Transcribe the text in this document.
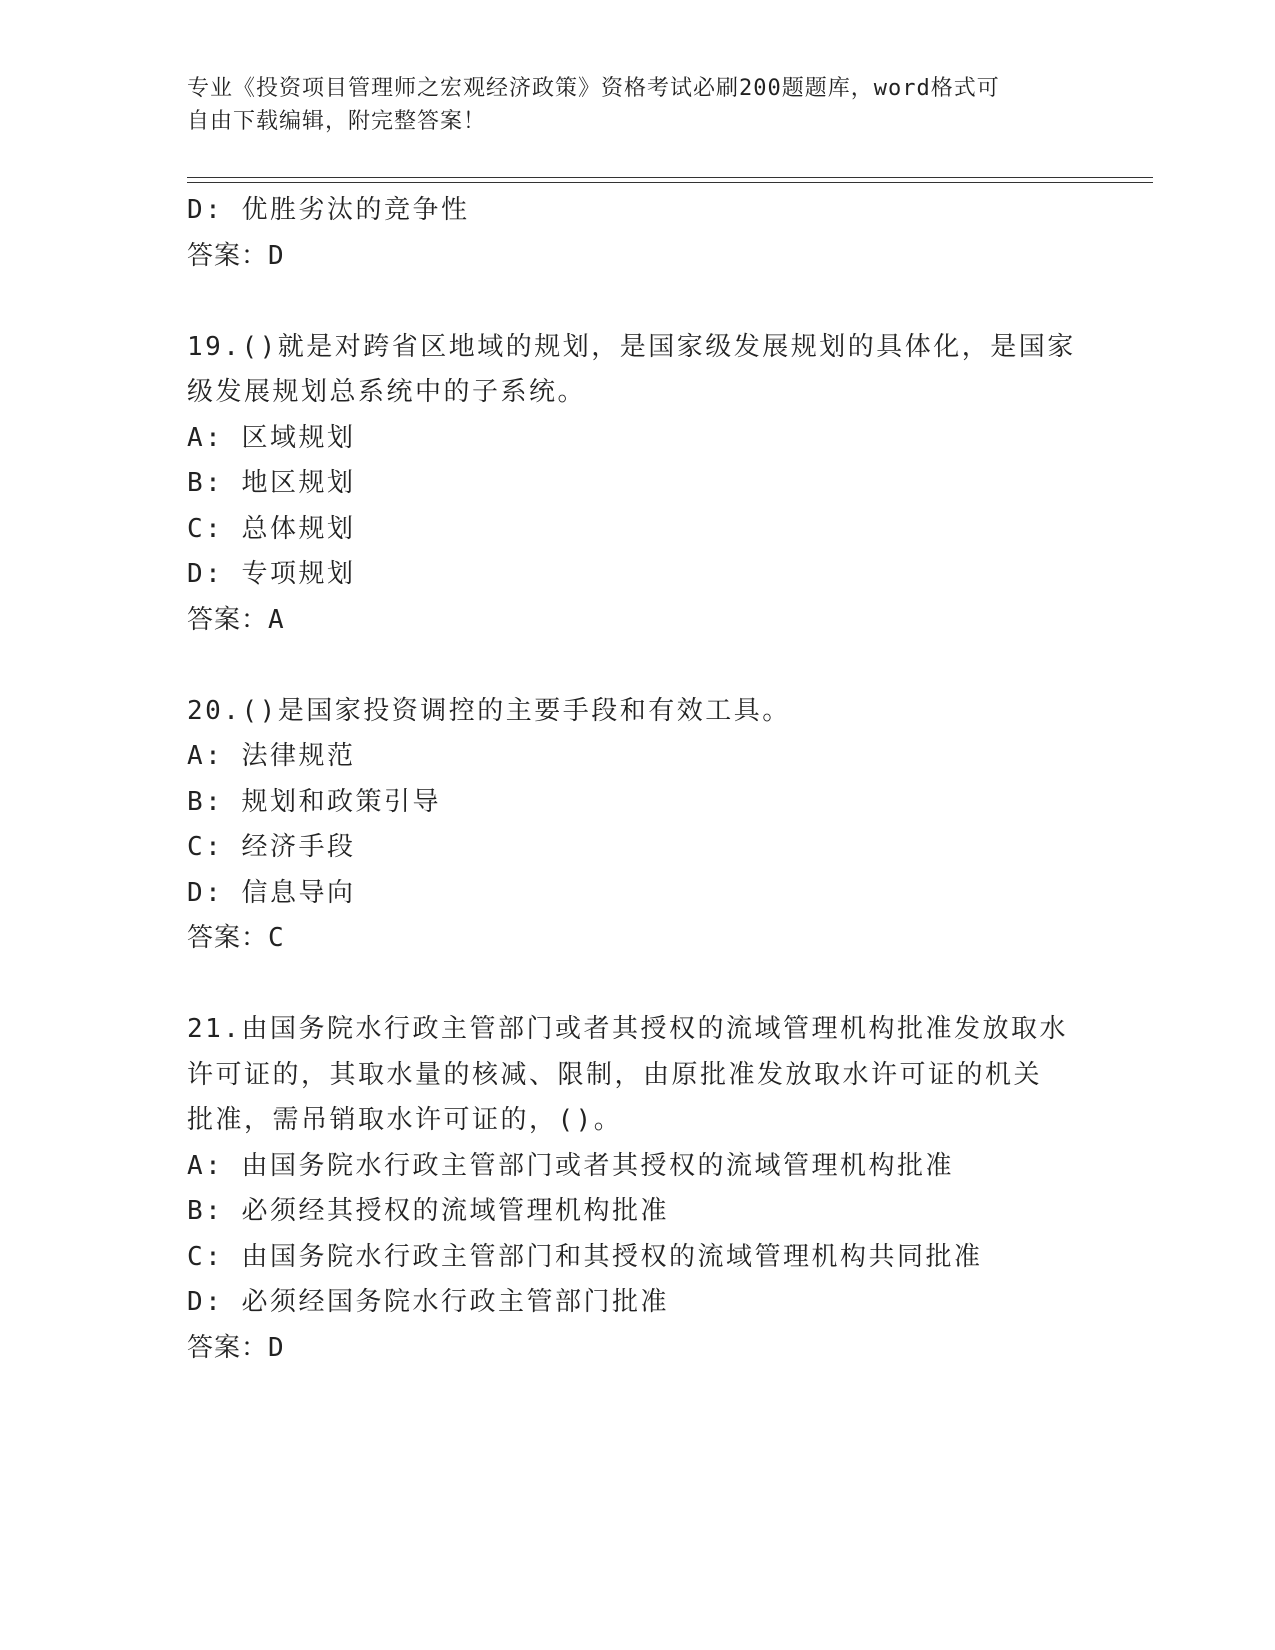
专业《投资项目管理师之宏观经济政策》资格考试必刷200题题库，word格式可
自由下载编辑，附完整答案！
D: 优胜劣汰的竞争性
答案：D
19.()就是对跨省区地域的规划，是国家级发展规划的具体化，是国家
级发展规划总系统中的子系统。
A: 区域规划
B: 地区规划
C: 总体规划
D: 专项规划
答案：A
20.()是国家投资调控的主要手段和有效工具。
A: 法律规范
B: 规划和政策引导
C: 经济手段
D: 信息导向
答案：C
21.由国务院水行政主管部门或者其授权的流域管理机构批准发放取水
许可证的，其取水量的核减、限制，由原批准发放取水许可证的机关
批准，需吊销取水许可证的，()。
A: 由国务院水行政主管部门或者其授权的流域管理机构批准
B: 必须经其授权的流域管理机构批准
C: 由国务院水行政主管部门和其授权的流域管理机构共同批准
D: 必须经国务院水行政主管部门批准
答案：D
